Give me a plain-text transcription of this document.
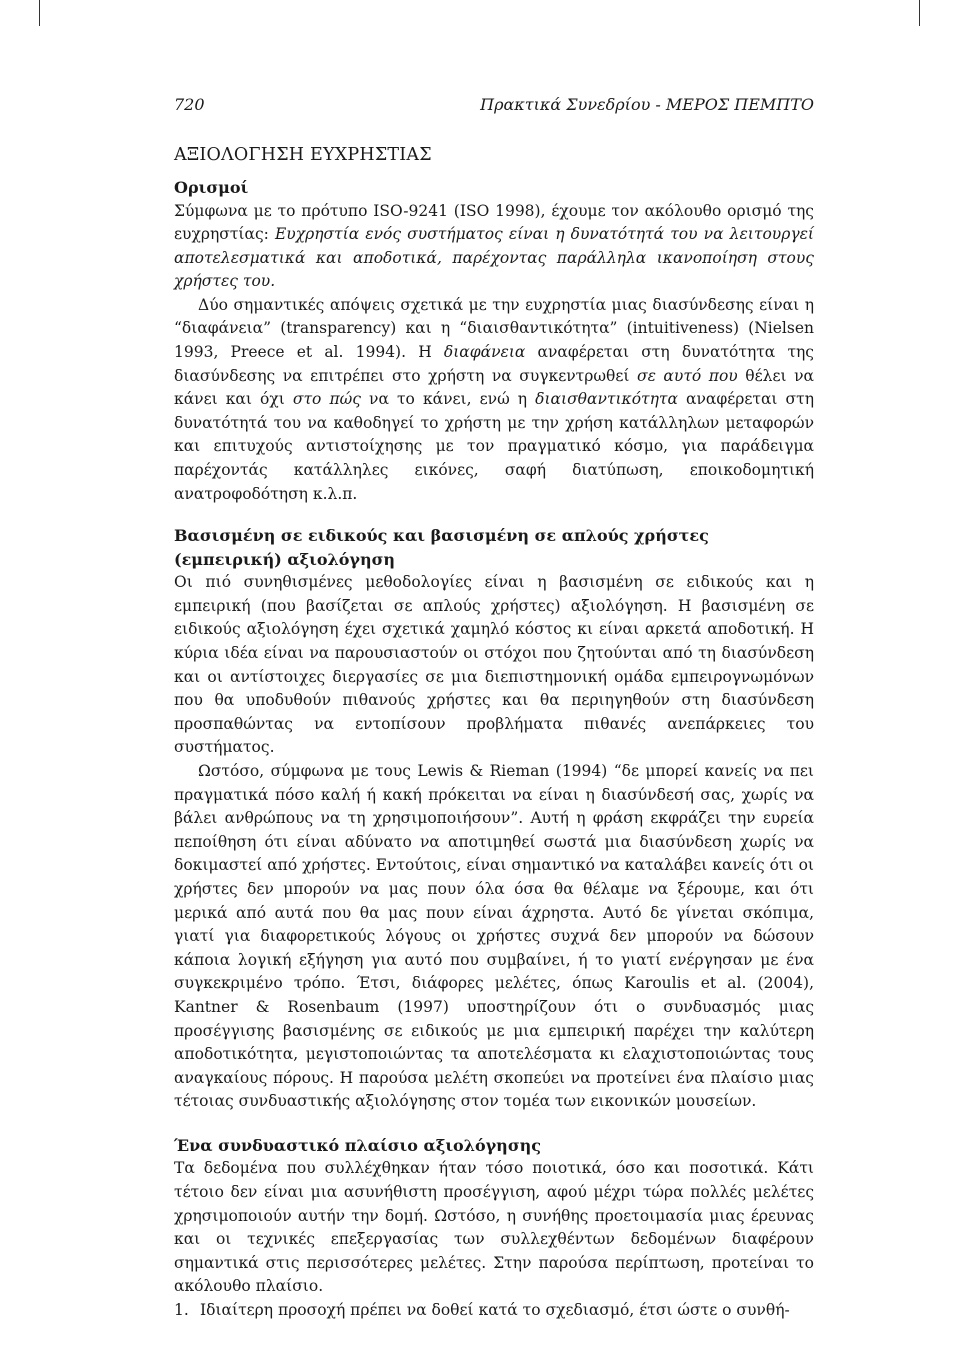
720	Πρακτικά Συνεδρίου - ΜΕΡΟΣ ΠΕΜΠΤΟ
ΑΞΙΟΛΟΓΗΣΗ ΕΥΧΡΗΣΤΙΑΣ
Ορισμοί

Σύμφωνα με το πρότυπο ISO-9241 (ISO 1998), έχουμε τον ακόλουθο ορισμό της ευχρηστίας: Ευχρηστία ενός συστήματος είναι η δυνατότητά του να λειτουργεί αποτελεσματικά και αποδοτικά, παρέχοντας παράλληλα ικανοποίηση στους χρήστες του.

Δύο σημαντικές απόψεις σχετικά με την ευχρηστία μιας διασύνδεσης είναι η “διαφάνεια” (transparency) και η “διαισθαντικότητα” (intuitiveness) (Nielsen 1993, Preece et al. 1994). Η διαφάνεια αναφέρεται στη δυνατότητα της διασύνδεσης να επιτρέπει στο χρήστη να συγκεντρωθεί σε αυτό που θέλει να κάνει και όχι στο πώς να το κάνει, ενώ η διαισθαντικότητα αναφέρεται στη δυνατότητά του να καθοδηγεί το χρήστη με την χρήση κατάλληλων μεταφορών και επιτυχούς αντιστοίχησης με τον πραγματικό κόσμο, για παράδειγμα παρέχοντάς κατάλληλες εικόνες, σαφή διατύπωση, εποικοδομητική ανατροφοδότηση κ.λ.π.

Βασισμένη σε ειδικούς και βασισμένη σε απλούς χρήστες (εμπειρική) αξιολόγηση

Οι πιό συνηθισμένες μεθοδολογίες είναι η βασισμένη σε ειδικούς και η εμπειρική (που βασίζεται σε απλούς χρήστες) αξιολόγηση. Η βασισμένη σε ειδικούς αξιολόγηση έχει σχετικά χαμηλό κόστος κι είναι αρκετά αποδοτική. Η κύρια ιδέα είναι να παρουσιαστούν οι στόχοι που ζητούνται από τη διασύνδεση και οι αντίστοιχες διεργασίες σε μια διεπιστημονική ομάδα εμπειρογνωμόνων που θα υποδυθούν πιθανούς χρήστες και θα περιηγηθούν στη διασύνδεση προσπαθώντας να εντοπίσουν προβλήματα πιθανές ανεπάρκειες του συστήματος.

Ωστόσο, σύμφωνα με τους Lewis & Rieman (1994) “δε μπορεί κανείς να πει πραγματικά πόσο καλή ή κακή πρόκειται να είναι η διασύνδεσή σας, χωρίς να βάλει ανθρώπους να τη χρησιμοποιήσουν”. Αυτή η φράση εκφράζει την ευρεία πεποίθηση ότι είναι αδύνατο να αποτιμηθεί σωστά μια διασύνδεση χωρίς να δοκιμαστεί από χρήστες. Εντούτοις, είναι σημαντικό να καταλάβει κανείς ότι οι χρήστες δεν μπορούν να μας πουν όλα όσα θα θέλαμε να ξέρουμε, και ότι μερικά από αυτά που θα μας πουν είναι άχρηστα. Αυτό δε γίνεται σκόπιμα, γιατί για διαφορετικούς λόγους οι χρήστες συχνά δεν μπορούν να δώσουν κάποια λογική εξήγηση για αυτό που συμβαίνει, ή το γιατί ενέργησαν με ένα συγκεκριμένο τρόπο. Έτσι, διάφορες μελέτες, όπως Karoulis et al. (2004), Kantner & Rosenbaum (1997) υποστηρίζουν ότι ο συνδυασμός μιας προσέγγισης βασισμένης σε ειδικούς με μια εμπειρική παρέχει την καλύτερη αποδοτικότητα, μεγιστοποιώντας τα αποτελέσματα κι ελαχιστοποιώντας τους αναγκαίους πόρους. Η παρούσα μελέτη σκοπεύει να προτείνει ένα πλαίσιο μιας τέτοιας συνδυαστικής αξιολόγησης στον τομέα των εικονικών μουσείων.

Ένα συνδυαστικό πλαίσιο αξιολόγησης

Τα δεδομένα που συλλέχθηκαν ήταν τόσο ποιοτικά, όσο και ποσοτικά. Κάτι τέτοιο δεν είναι μια ασυνήθιστη προσέγγιση, αφού μέχρι τώρα πολλές μελέτες χρησιμοποιούν αυτήν την δομή. Ωστόσο, η συνήθης προετοιμασία μιας έρευνας και οι τεχνικές επεξεργασίας των συλλεχθέντων δεδομένων διαφέρουν σημαντικά στις περισσότερες μελέτες. Στην παρούσα περίπτωση, προτείναι το ακόλουθο πλαίσιο.

1. Ιδιαίτερη προσοχή πρέπει να δοθεί κατά το σχεδιασμό, έτσι ώστε ο συνθή-
